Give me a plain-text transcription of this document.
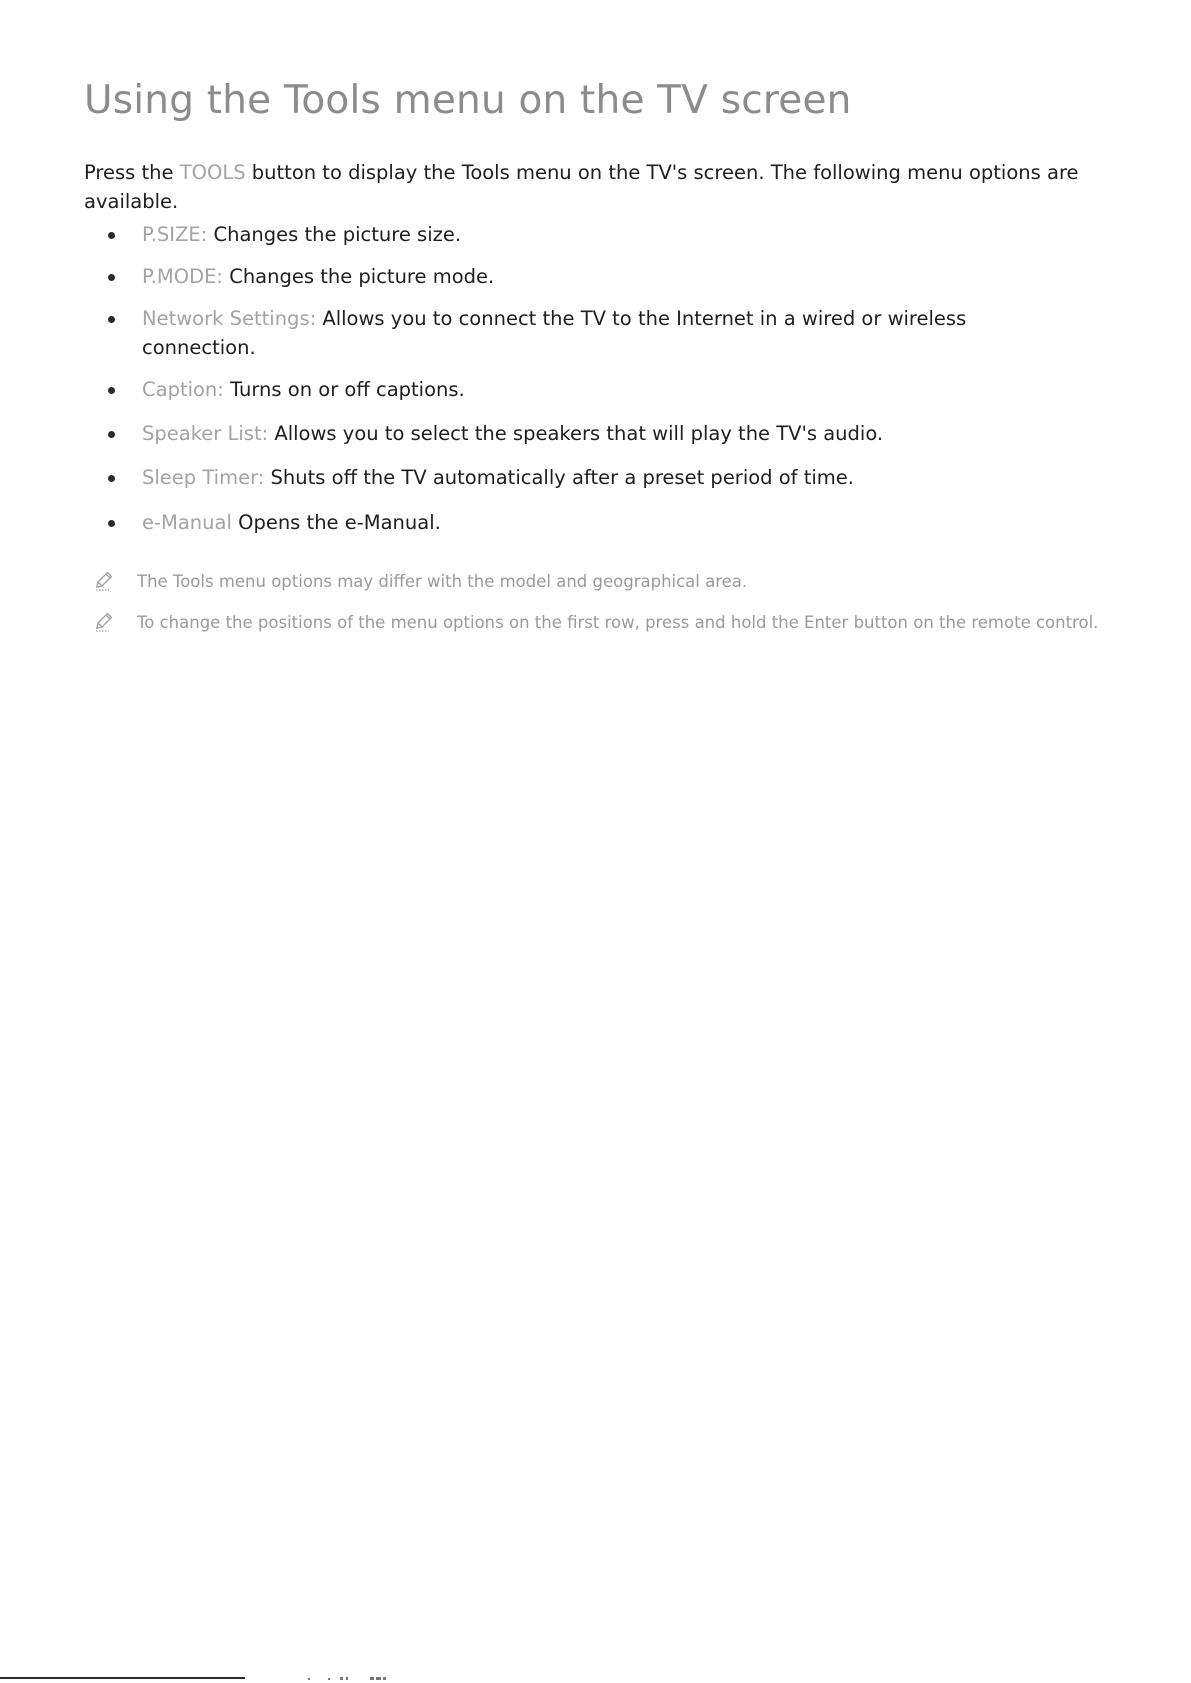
Using the Tools menu on the TV screen

Press the TOOLS button to display the Tools menu on the TV's screen. The following menu options are available.

P.SIZE: Changes the picture size.
P.MODE: Changes the picture mode.
Network Settings: Allows you to connect the TV to the Internet in a wired or wireless connection.
Caption: Turns on or off captions.
Speaker List: Allows you to select the speakers that will play the TV's audio.
Sleep Timer: Shuts off the TV automatically after a preset period of time.
e-Manual Opens the e-Manual.
The Tools menu options may differ with the model and geographical area.
To change the positions of the menu options on the first row, press and hold the Enter button on the remote control.
